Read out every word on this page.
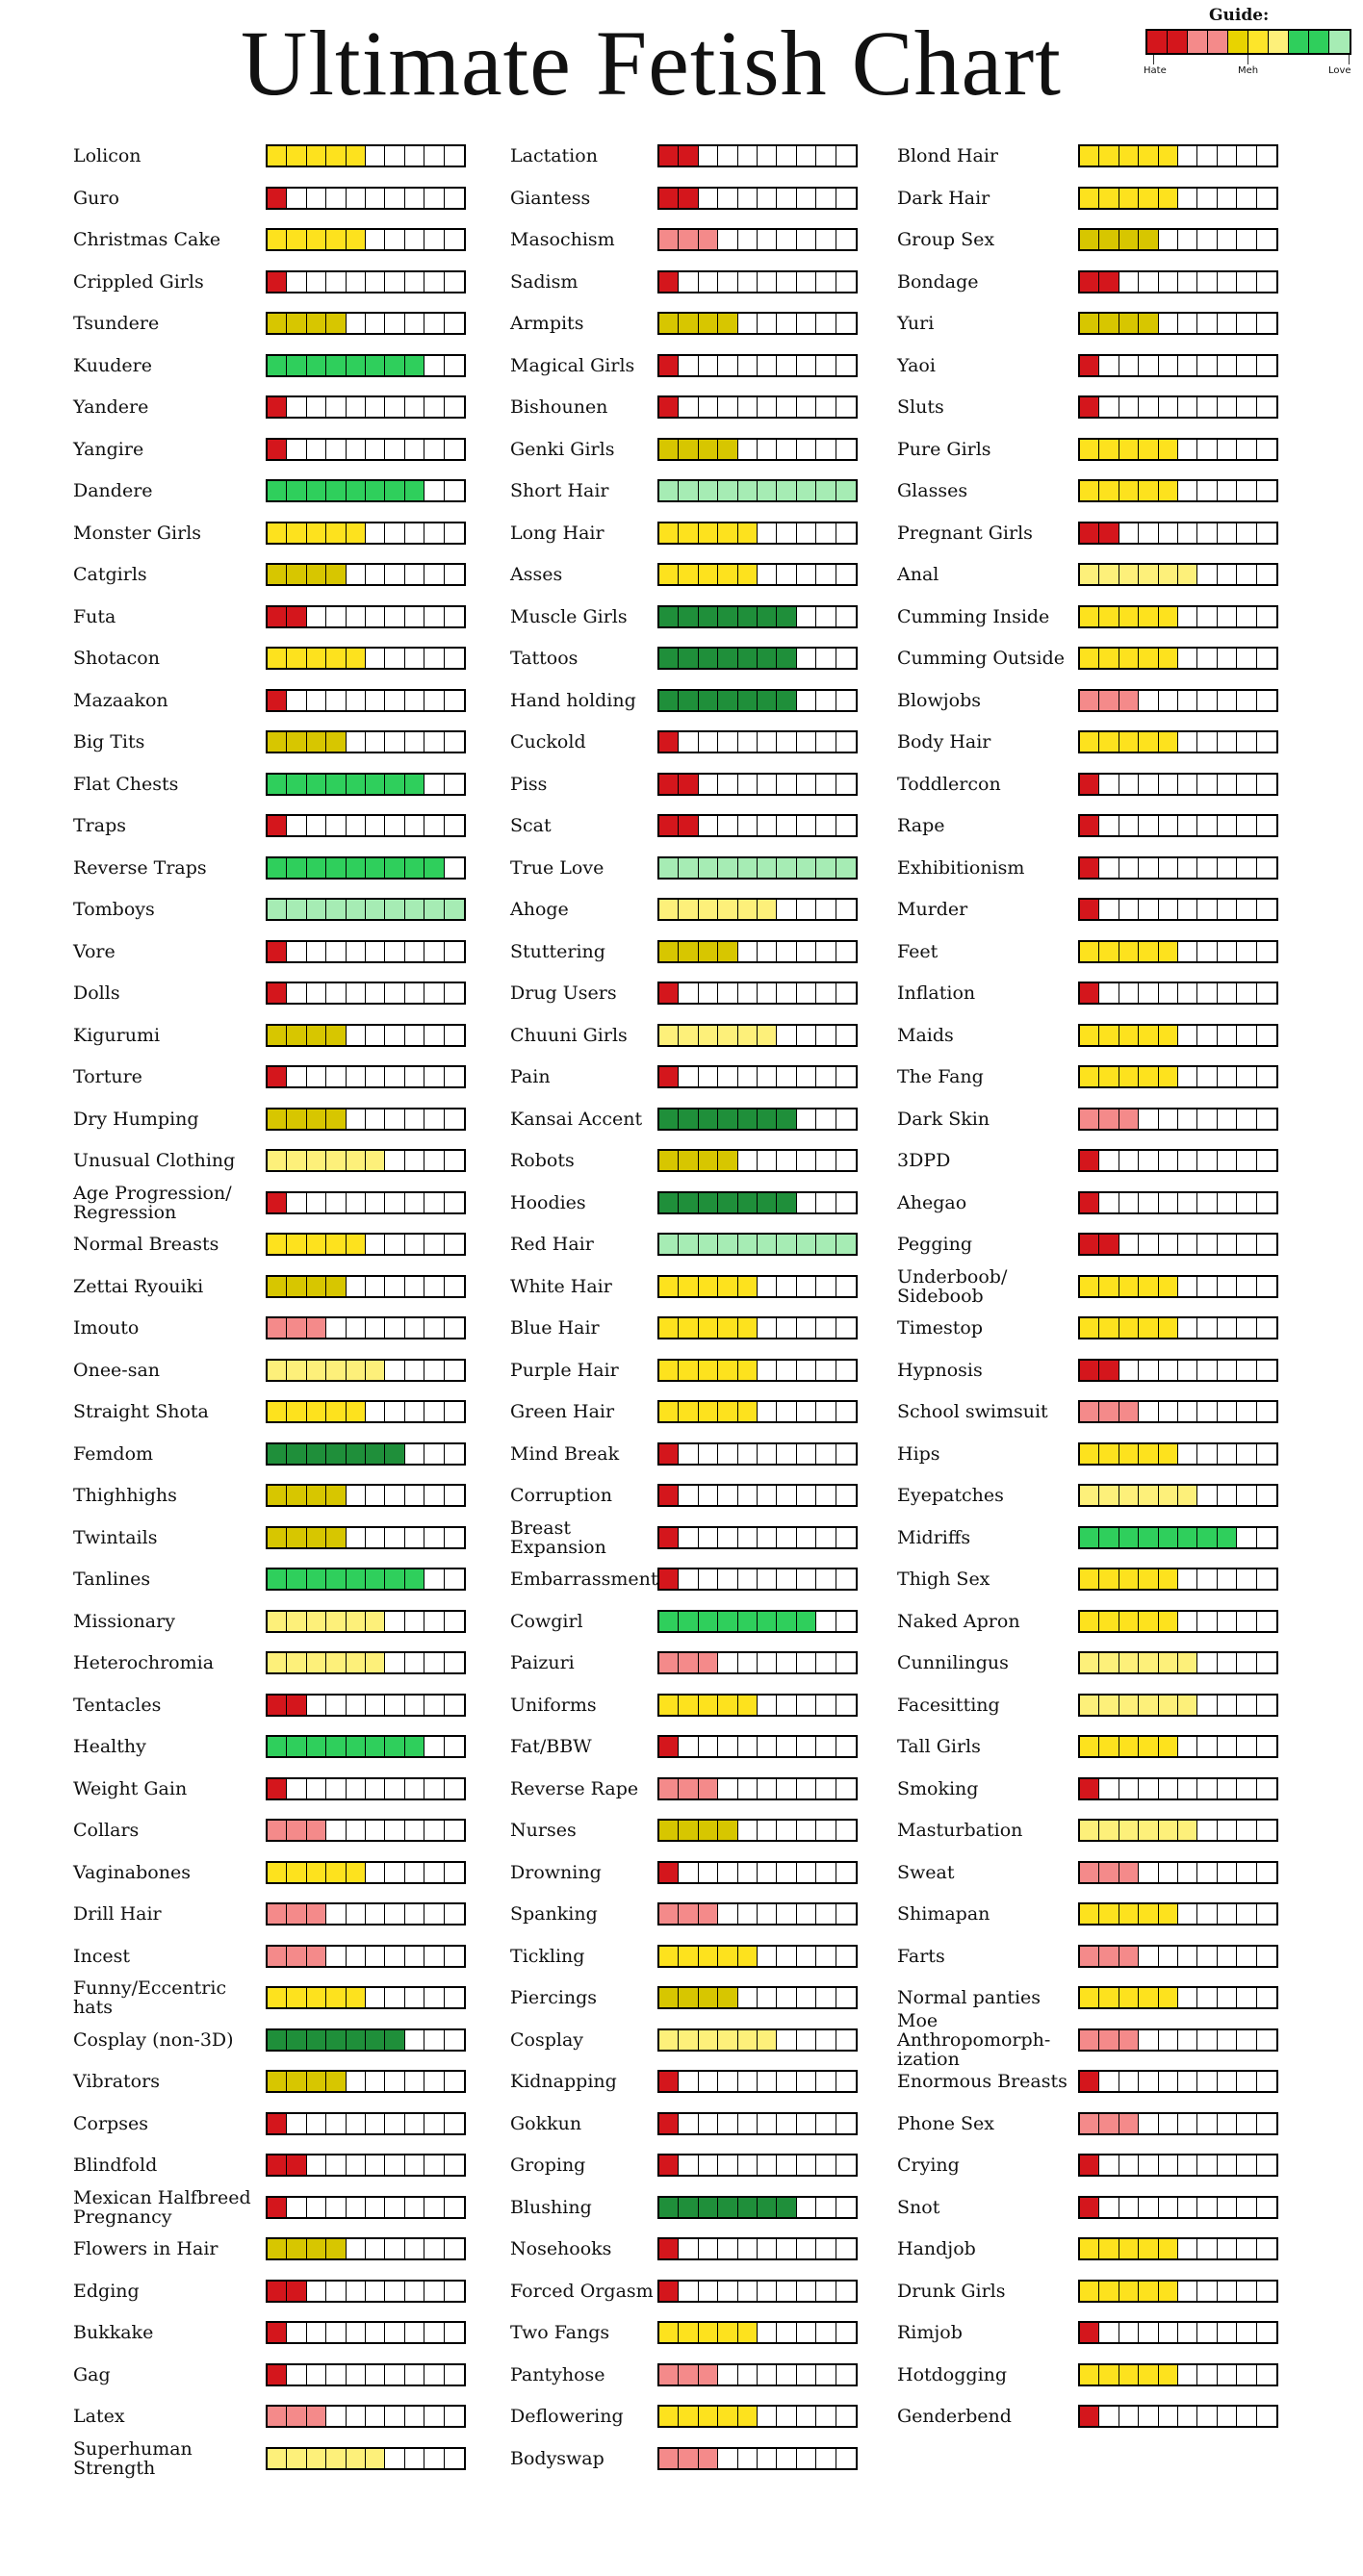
Ultimate Fetish Chart	Guide:
Hate	Meh	Love
Lolicon
Guro
Christmas Cake
Crippled Girls
Tsundere
Kuudere
Yandere
Yangire
Dandere
Monster Girls
Catgirls
Futa
Shotacon
Mazaakon
Big Tits
Flat Chests
Traps
Reverse Traps
Tomboys
Vore
Dolls
Kigurumi
Torture
Dry Humping
Unusual Clothing
Age Progression/ Regression
Normal Breasts
Zettai Ryouiki
Imouto
Onee-san
Straight Shota
Femdom
Thighhighs
Twintails
Tanlines
Missionary
Heterochromia
Tentacles
Healthy
Weight Gain
Collars
Vaginabones
Drill Hair
Incest
Funny/Eccentric hats
Cosplay (non-3D)
Vibrators
Corpses
Blindfold
Mexican Halfbreed Pregnancy
Flowers in Hair
Edging
Bukkake
Gag
Latex
Superhuman Strength
Lactation
Giantess
Masochism
Sadism
Armpits
Magical Girls
Bishounen
Genki Girls
Short Hair
Long Hair
Asses
Muscle Girls
Tattoos
Hand holding
Cuckold
Piss
Scat
True Love
Ahoge
Stuttering
Drug Users
Chuuni Girls
Pain
Kansai Accent
Robots
Hoodies
Red Hair
White Hair
Blue Hair
Purple Hair
Green Hair
Mind Break
Corruption
Breast Expansion
Embarrassment
Cowgirl
Paizuri
Uniforms
Fat/BBW
Reverse Rape
Nurses
Drowning
Spanking
Tickling
Piercings
Cosplay
Kidnapping
Gokkun
Groping
Blushing
Nosehooks
Forced Orgasm
Two Fangs
Pantyhose
Deflowering
Bodyswap
Blond Hair
Dark Hair
Group Sex
Bondage
Yuri
Yaoi
Sluts
Pure Girls
Glasses
Pregnant Girls
Anal
Cumming Inside
Cumming Outside
Blowjobs
Body Hair
Toddlercon
Rape
Exhibitionism
Murder
Feet
Inflation
Maids
The Fang
Dark Skin
3DPD
Ahegao
Pegging
Underboob/ Sideboob
Timestop
Hypnosis
School swimsuit
Hips
Eyepatches
Midriffs
Thigh Sex
Naked Apron
Cunnilingus
Facesitting
Tall Girls
Smoking
Masturbation
Sweat
Shimapan
Farts
Normal panties
Moe Anthropomorph-ization
Enormous Breasts
Phone Sex
Crying
Snot
Handjob
Drunk Girls
Rimjob
Hotdogging
Genderbend
